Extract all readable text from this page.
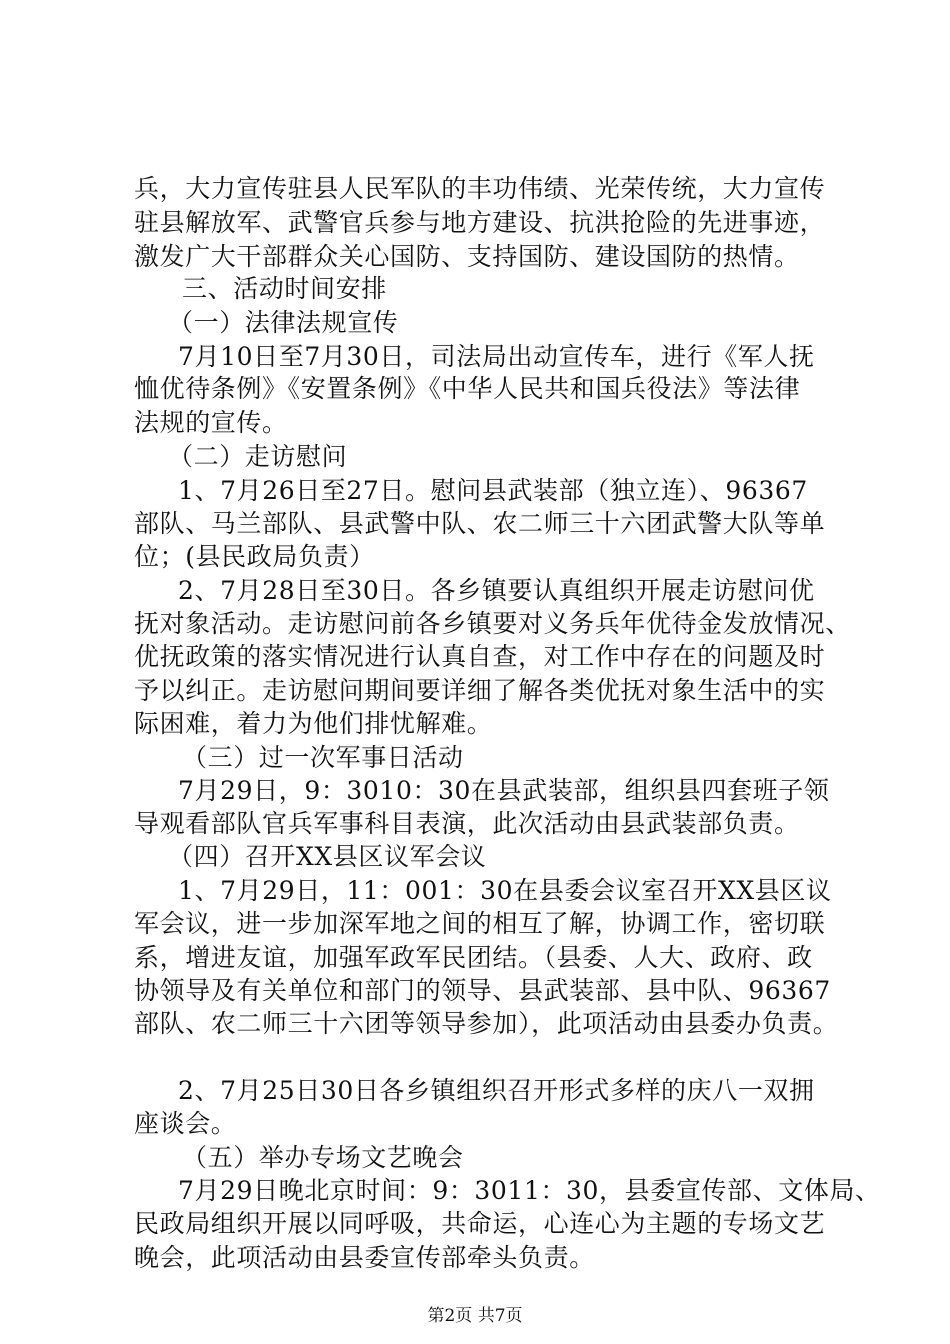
兵，大力宣传驻县人民军队的丰功伟绩、光荣传统，大力宣传
驻县解放军、武警官兵参与地方建设、抗洪抢险的先进事迹，
激发广大干部群众关心国防、支持国防、建设国防的热情。
三、活动时间安排
（一）法律法规宣传
7月10日至7月30日，司法局出动宣传车，进行《军人抚
恤优待条例》《安置条例》《中华人民共和国兵役法》等法律
法规的宣传。
（二）走访慰问
1、7月26日至27日。慰问县武装部（独立连）、96367
部队、马兰部队、县武警中队、农二师三十六团武警大队等单
位；(县民政局负责）
2、7月28日至30日。各乡镇要认真组织开展走访慰问优
抚对象活动。走访慰问前各乡镇要对义务兵年优待金发放情况、
优抚政策的落实情况进行认真自查，对工作中存在的问题及时
予以纠正。走访慰问期间要详细了解各类优抚对象生活中的实
际困难，着力为他们排忧解难。
（三）过一次军事日活动
7月29日，9：3010：30在县武装部，组织县四套班子领
导观看部队官兵军事科目表演，此次活动由县武装部负责。
（四）召开XX县区议军会议
1、7月29日，11：001：30在县委会议室召开XX县区议
军会议，进一步加深军地之间的相互了解，协调工作，密切联
系，增进友谊，加强军政军民团结。（县委、人大、政府、政
协领导及有关单位和部门的领导、县武装部、县中队、96367
部队、农二师三十六团等领导参加），此项活动由县委办负责。
2、7月25日30日各乡镇组织召开形式多样的庆八一双拥
座谈会。
（五）举办专场文艺晚会
7月29日晚北京时间：9：3011：30，县委宣传部、文体局、
民政局组织开展以同呼吸，共命运，心连心为主题的专场文艺
晚会，此项活动由县委宣传部牵头负责。
第2页 共7页
